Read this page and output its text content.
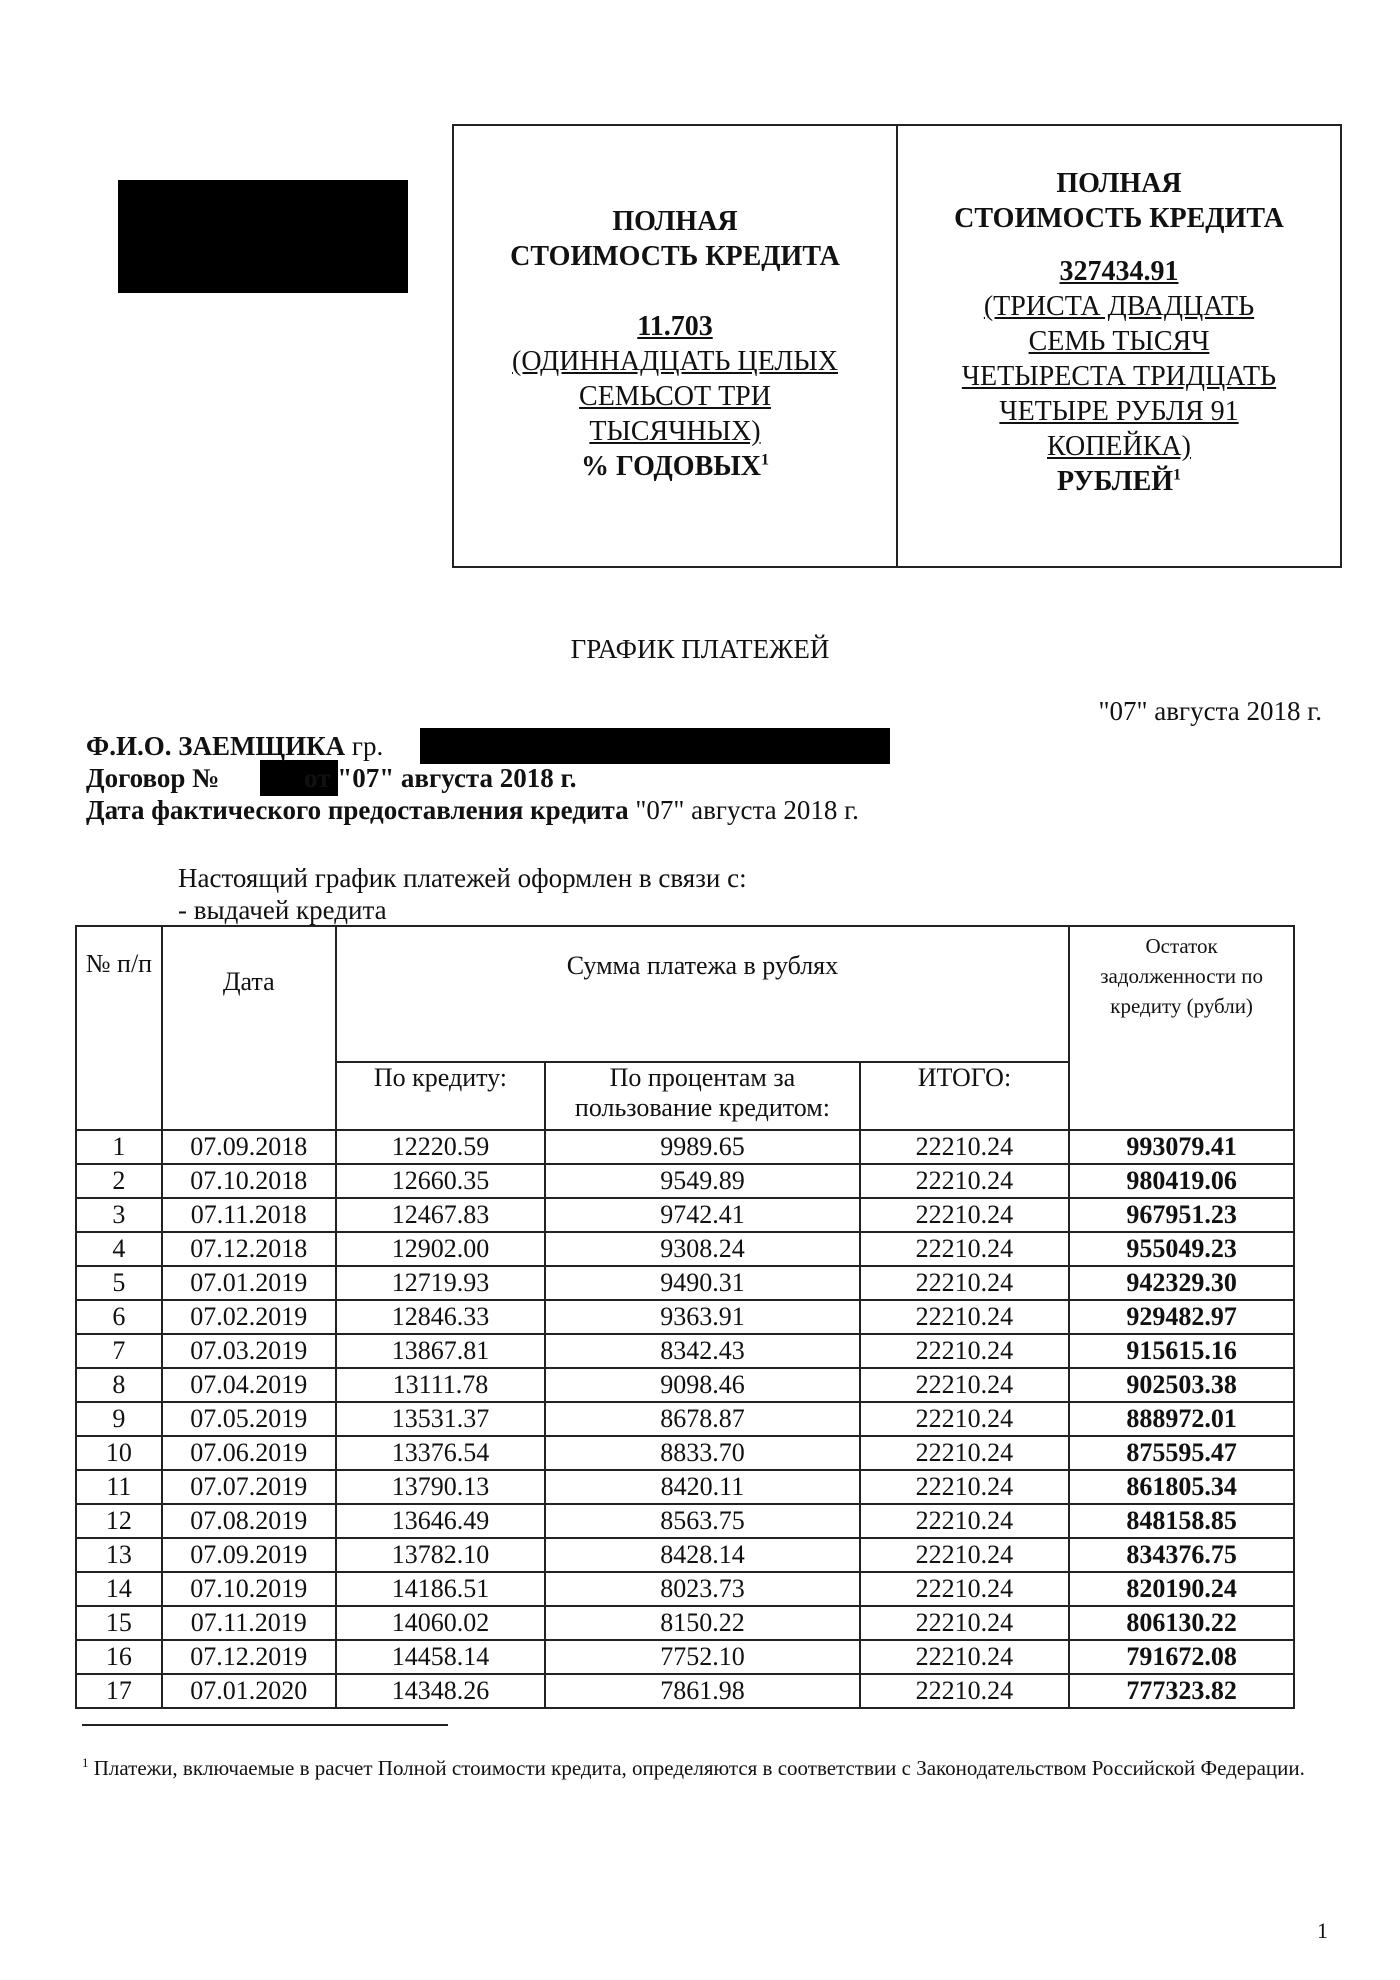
ПОЛНАЯ
СТОИМОСТЬ КРЕДИТА
11.703
(ОДИННАДЦАТЬ ЦЕЛЫХ
СЕМЬСОТ ТРИ
ТЫСЯЧНЫХ)
% ГОДОВЫХ$^1$
ПОЛНАЯ
СТОИМОСТЬ КРЕДИТА
327434.91
(ТРИСТА ДВАДЦАТЬ
СЕМЬ ТЫСЯЧ
ЧЕТЫРЕСТА ТРИДЦАТЬ
ЧЕТЫРЕ РУБЛЯ 91
КОПЕЙКА)
РУБЛЕЙ$^1$
ГРАФИК ПЛАТЕЖЕЙ
"07" августа 2018 г.
Ф.И.О. ЗАЕМЩИКА гр.
Договор №	от "07" августа 2018 г.
Дата фактического предоставления кредита "07" августа 2018 г.
Настоящий график платежей оформлен в связи с:
- выдачей кредита
№ п/п	Дата	Сумма платежа в рублях			Остаток задолженности по кредиту (рубли)
		По кредиту:	По процентам за пользование кредитом:	ИТОГО:	
1	07.09.2018	12220.59	9989.65	22210.24	993079.41
2	07.10.2018	12660.35	9549.89	22210.24	980419.06
3	07.11.2018	12467.83	9742.41	22210.24	967951.23
4	07.12.2018	12902.00	9308.24	22210.24	955049.23
5	07.01.2019	12719.93	9490.31	22210.24	942329.30
6	07.02.2019	12846.33	9363.91	22210.24	929482.97
7	07.03.2019	13867.81	8342.43	22210.24	915615.16
8	07.04.2019	13111.78	9098.46	22210.24	902503.38
9	07.05.2019	13531.37	8678.87	22210.24	888972.01
10	07.06.2019	13376.54	8833.70	22210.24	875595.47
11	07.07.2019	13790.13	8420.11	22210.24	861805.34
12	07.08.2019	13646.49	8563.75	22210.24	848158.85
13	07.09.2019	13782.10	8428.14	22210.24	834376.75
14	07.10.2019	14186.51	8023.73	22210.24	820190.24
15	07.11.2019	14060.02	8150.22	22210.24	806130.22
16	07.12.2019	14458.14	7752.10	22210.24	791672.08
17	07.01.2020	14348.26	7861.98	22210.24	777323.82
$^1$ Платежи, включаемые в расчет Полной стоимости кредита, определяются в соответствии с Законодательством Российской Федерации.
1
